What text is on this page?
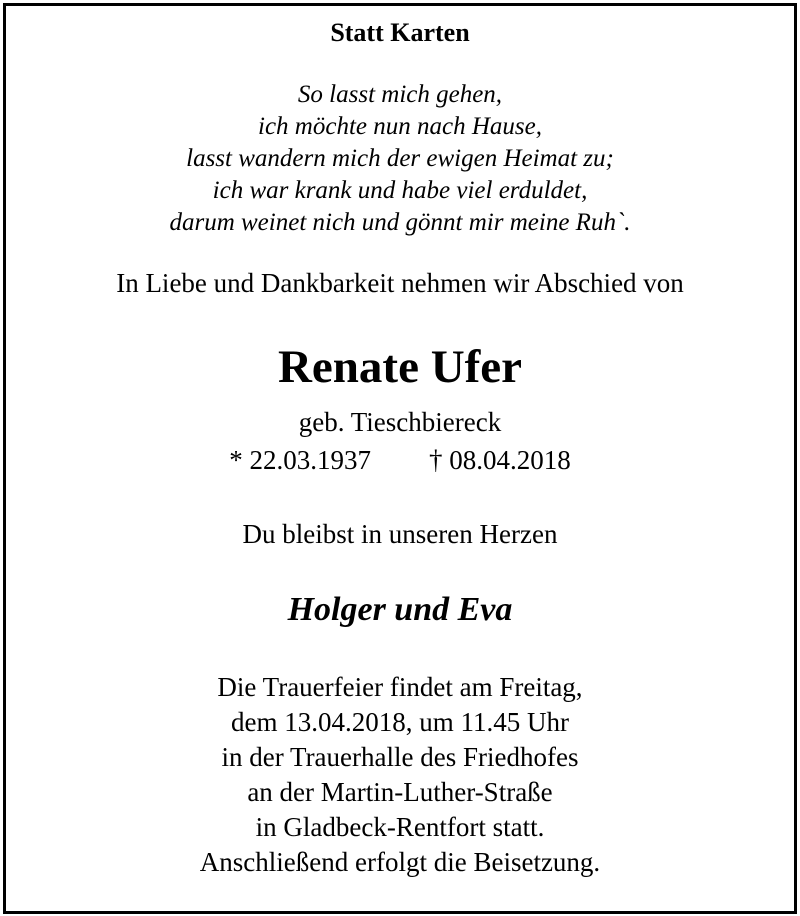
Statt Karten
So lasst mich gehen,
ich möchte nun nach Hause,
lasst wandern mich der ewigen Heimat zu;
ich war krank und habe viel erduldet,
darum weinet nich und gönnt mir meine Ruh`.
In Liebe und Dankbarkeit nehmen wir Abschied von
Renate Ufer
geb. Tieschbiereck
* 22.03.1937 † 08.04.2018
Du bleibst in unseren Herzen
Holger und Eva
Die Trauerfeier findet am Freitag,
dem 13.04.2018, um 11.45 Uhr
in der Trauerhalle des Friedhofes
an der Martin-Luther-Straße
in Gladbeck-Rentfort statt.
Anschließend erfolgt die Beisetzung.
